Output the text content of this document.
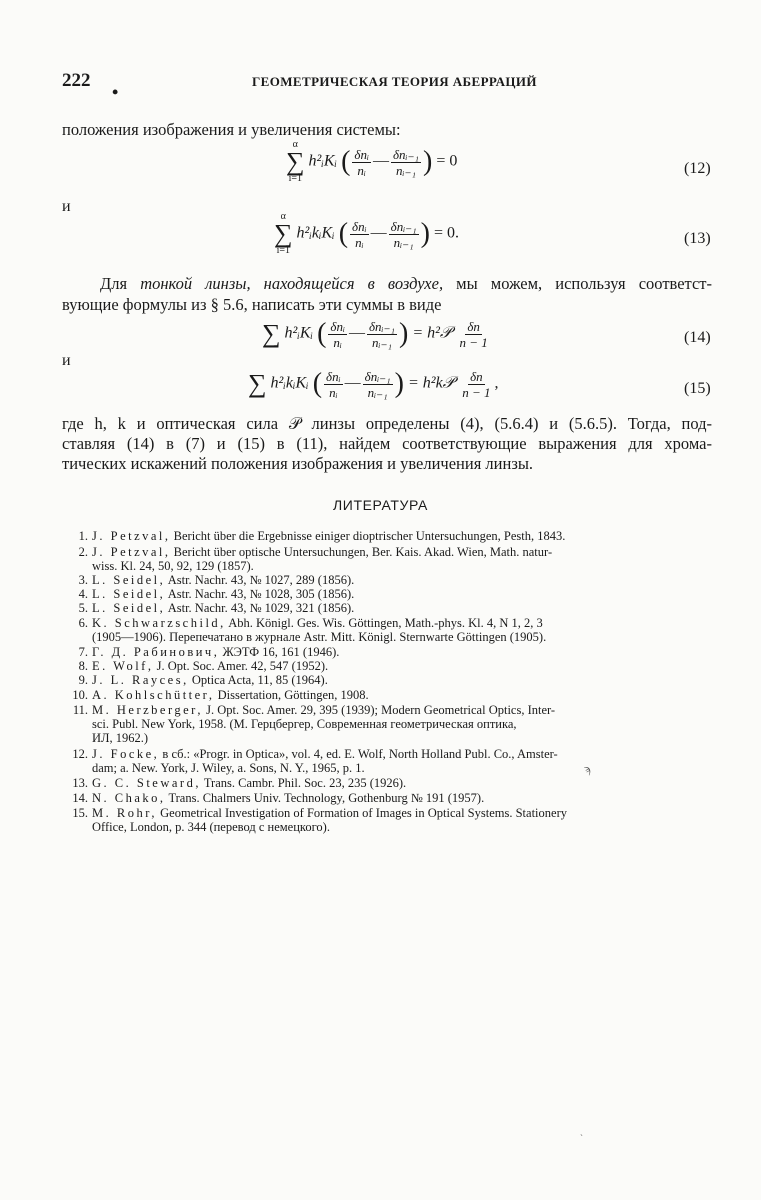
222
•
ГЕОМЕТРИЧЕСКАЯ ТЕОРИЯ АБЕРРАЦИЙ
положения изображения и увеличения системы:
α
∑
i=1
h²ᵢKᵢ ( $\frac{\text{δnᵢ}}{\text{nᵢ}}$ — $\frac{\text{δnᵢ₋₁}}{\text{nᵢ₋₁}}$ ) = 0	(12)
и
α
∑
i=1
h²ᵢkᵢKᵢ ( $\frac{\text{δnᵢ}}{\text{nᵢ}}$ — $\frac{\text{δnᵢ₋₁}}{\text{nᵢ₋₁}}$ ) = 0.	(13)
Для тонкой линзы, находящейся в воздухе, мы можем, используя соответст-
вующие формулы из § 5.6, написать эти суммы в виде
∑ h²ᵢKᵢ ( $\frac{\text{δnᵢ}}{\text{nᵢ}}$ — $\frac{\text{δnᵢ₋₁}}{\text{nᵢ₋₁}}$ ) = h²𝒫 $\frac{\delta n}{n - 1}$	(14)
и
∑ h²ᵢkᵢKᵢ ( $\frac{\text{δnᵢ}}{\text{nᵢ}}$ — $\frac{\text{δnᵢ₋₁}}{\text{nᵢ₋₁}}$ ) = h²k𝒫 $\frac{\delta n}{n - 1}$ ,	(15)
где h, k и оптическая сила 𝒫 линзы определены (4), (5.6.4) и (5.6.5). Тогда, под-
ставляя (14) в (7) и (15) в (11), найдем соответствующие выражения для хрома-
тических искажений положения изображения и увеличения линзы.
ЛИТЕРАТУРА
1. J. Petzval, Bericht über die Ergebnisse einiger dioptrischer Untersuchungen, Pesth, 1843.
2. J. Petzval, Bericht über optische Untersuchungen, Ber. Kais. Akad. Wien, Math. natur-
wiss. Kl. 24, 50, 92, 129 (1857).
3. L. Seidel, Astr. Nachr. 43, № 1027, 289 (1856).
4. L. Seidel, Astr. Nachr. 43, № 1028, 305 (1856).
5. L. Seidel, Astr. Nachr. 43, № 1029, 321 (1856).
6. K. Schwarzschild, Abh. Königl. Ges. Wis. Göttingen, Math.-phys. Kl. 4, N 1, 2, 3
(1905—1906). Перепечатано в журнале Astr. Mitt. Königl. Sternwarte Göttingen (1905).
7. Г. Д. Рабинович, ЖЭТФ 16, 161 (1946).
8. E. Wolf, J. Opt. Soc. Amer. 42, 547 (1952).
9. J. L. Rayces, Optica Acta, 11, 85 (1964).
10. A. Kohlschütter, Dissertation, Göttingen, 1908.
11. M. Herzberger, J. Opt. Soc. Amer. 29, 395 (1939); Modern Geometrical Optics, Inter-
sci. Publ. New York, 1958. (М. Герцбергер, Современная геометрическая оптика,
ИЛ, 1962.)
12. J. Focke, в сб.: «Progr. in Optica», vol. 4, ed. E. Wolf, North Holland Publ. Co., Amster-
dam; a. New. York, J. Wiley, a. Sons, N. Y., 1965, p. 1.
13. G. C. Steward, Trans. Cambr. Phil. Soc. 23, 235 (1926).
14. N. Chako, Trans. Chalmers Univ. Technology, Gothenburg № 191 (1957).
15. M. Rohr, Geometrical Investigation of Formation of Images in Optical Systems. Stationery
Office, London, p. 344 (перевод с немецкого).
ϡ
ˋ
